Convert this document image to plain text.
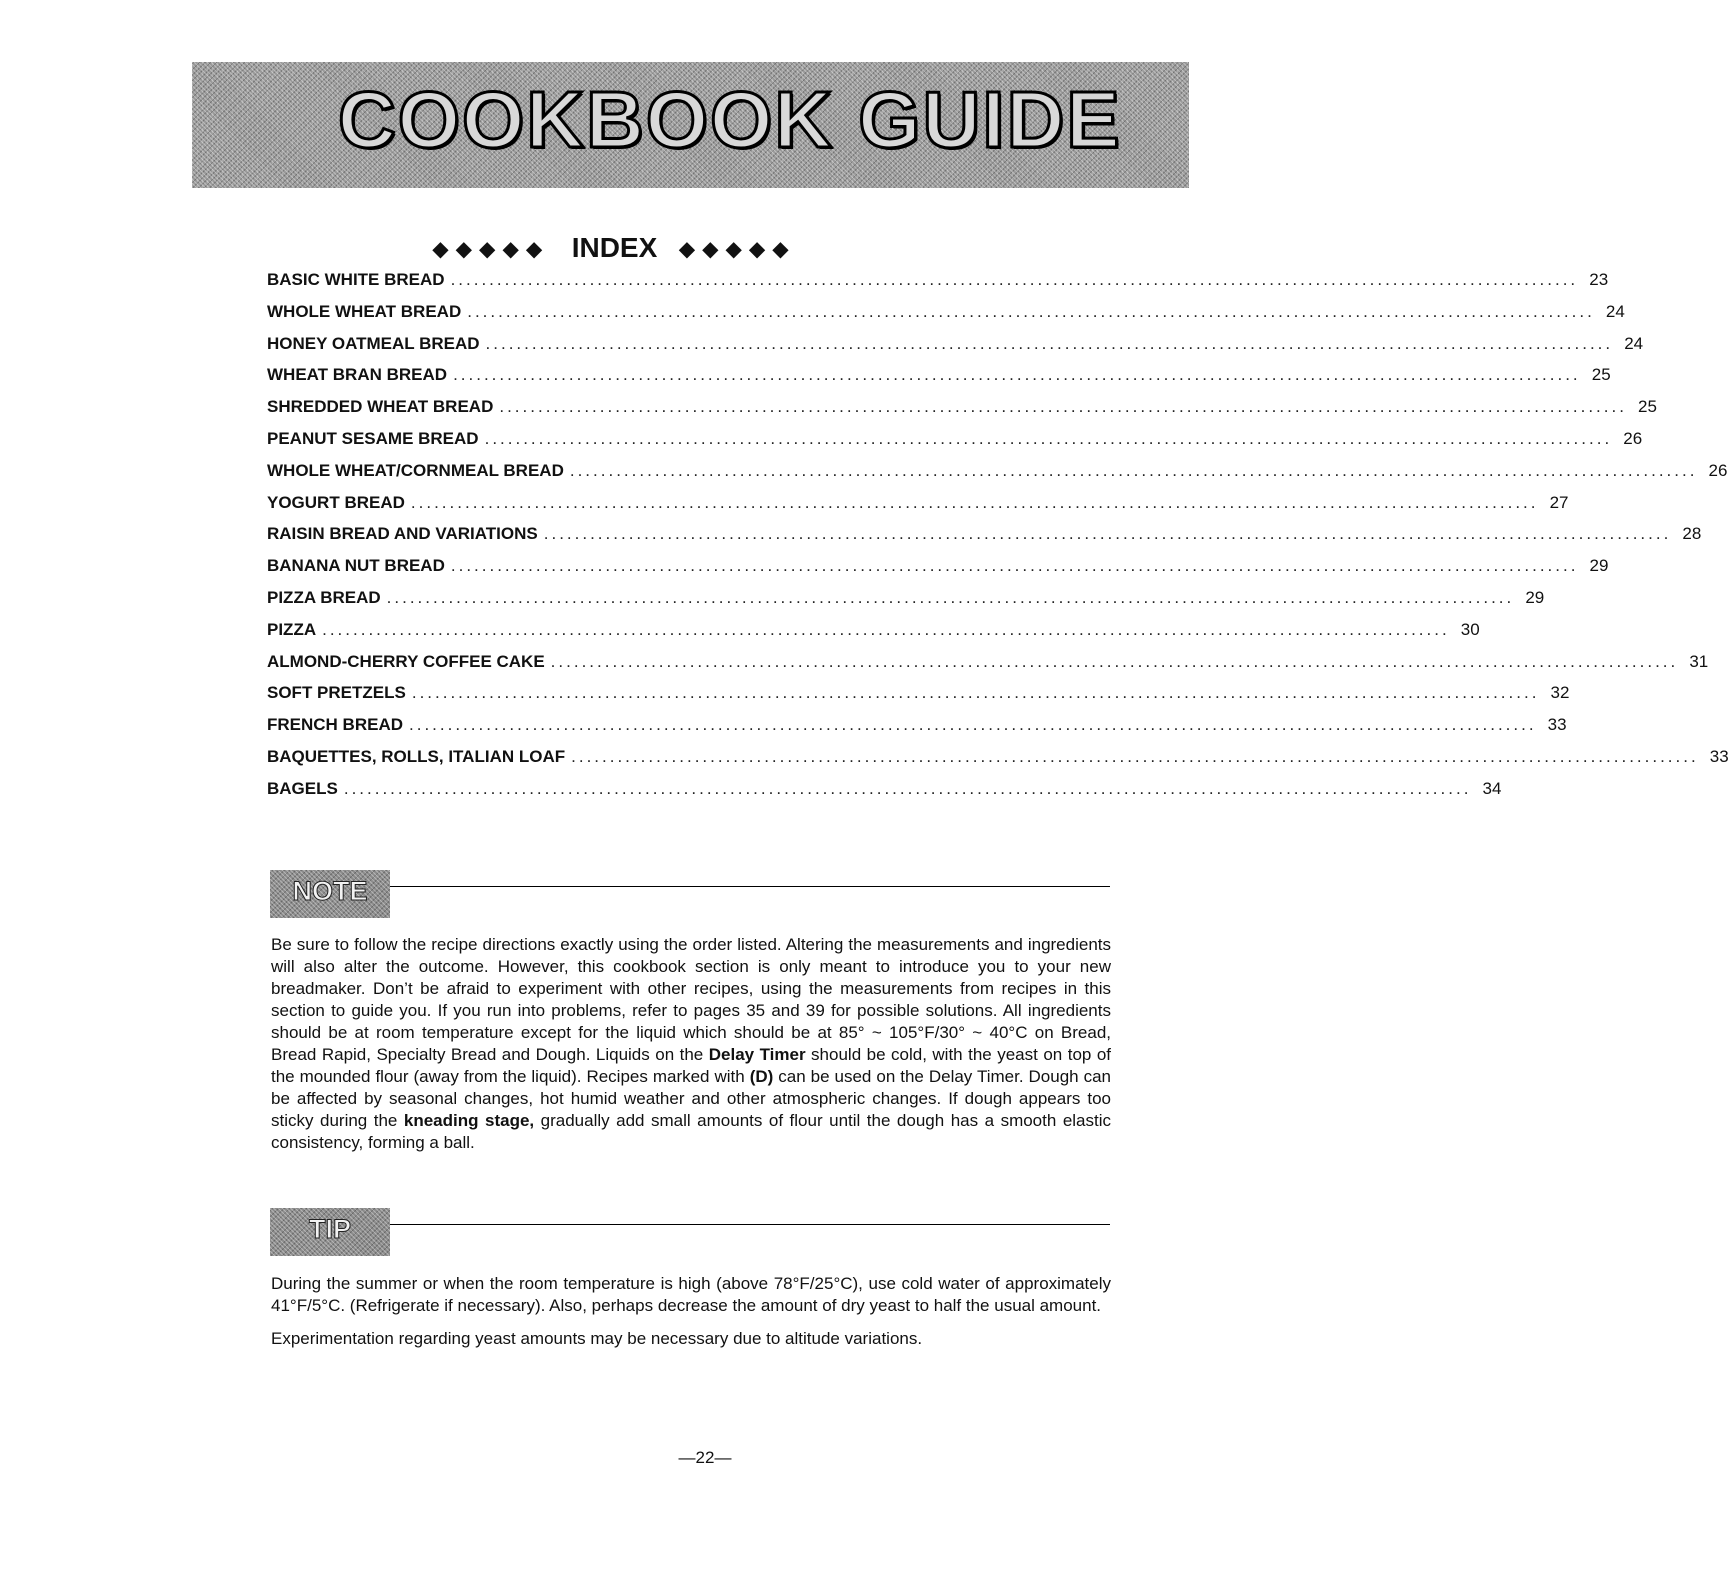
COOKBOOK GUIDE
◆◆◆◆◆ INDEX ◆◆◆◆◆
BASIC WHITE BREAD .................................................................................................................................................. 23
WHOLE WHEAT BREAD .................................................................................................................................................. 24
HONEY OATMEAL BREAD .................................................................................................................................................. 24
WHEAT BRAN BREAD .................................................................................................................................................. 25
SHREDDED WHEAT BREAD .................................................................................................................................................. 25
PEANUT SESAME BREAD .................................................................................................................................................. 26
WHOLE WHEAT/CORNMEAL BREAD .................................................................................................................................................. 26
YOGURT BREAD .................................................................................................................................................. 27
RAISIN BREAD AND VARIATIONS .................................................................................................................................................. 28
BANANA NUT BREAD .................................................................................................................................................. 29
PIZZA BREAD .................................................................................................................................................. 29
PIZZA .................................................................................................................................................. 30
ALMOND-CHERRY COFFEE CAKE .................................................................................................................................................. 31
SOFT PRETZELS .................................................................................................................................................. 32
FRENCH BREAD .................................................................................................................................................. 33
BAQUETTES, ROLLS, ITALIAN LOAF .................................................................................................................................................. 33
BAGELS .................................................................................................................................................. 34
NOTE

Be sure to follow the recipe directions exactly using the order listed. Altering the measurements and ingredients will also alter the outcome. However, this cookbook section is only meant to introduce you to your new breadmaker. Don’t be afraid to experiment with other recipes, using the measurements from recipes in this section to guide you. If you run into problems, refer to pages 35 and 39 for possible solutions. All ingredients should be at room temperature except for the liquid which should be at 85° ~ 105°F/30° ~ 40°C on Bread, Bread Rapid, Specialty Bread and Dough. Liquids on the Delay Timer should be cold, with the yeast on top of the mounded flour (away from the liquid). Recipes marked with (D) can be used on the Delay Timer. Dough can be affected by seasonal changes, hot humid weather and other atmospheric changes. If dough appears too sticky during the kneading stage, gradually add small amounts of flour until the dough has a smooth elastic consistency, forming a ball.

TIP

During the summer or when the room temperature is high (above 78°F/25°C), use cold water of approximately 41°F/5°C. (Refrigerate if necessary). Also, perhaps decrease the amount of dry yeast to half the usual amount.

Experimentation regarding yeast amounts may be necessary due to altitude variations.

—22—
